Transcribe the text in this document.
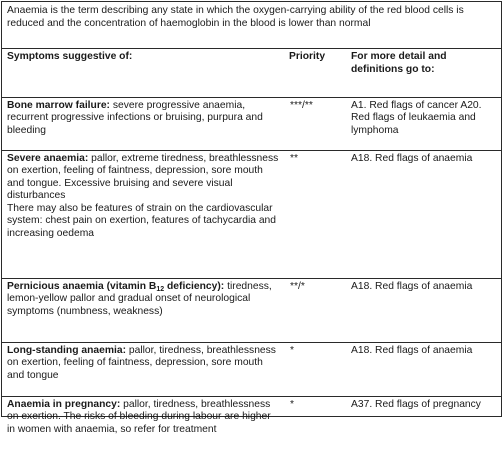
Anaemia is the term describing any state in which the oxygen-carrying ability of the red blood cells is reduced and the concentration of haemoglobin in the blood is lower than normal
Symptoms suggestive of:	Priority	For more detail and definitions go to:
Bone marrow failure: severe progressive anaemia, recurrent progressive infections or bruising, purpura and bleeding	***/**	A1. Red flags of cancer A20. Red flags of leukaemia and lymphoma
Severe anaemia: pallor, extreme tiredness, breathlessness on exertion, feeling of faintness, depression, sore mouth and tongue. Excessive bruising and severe visual disturbances
There may also be features of strain on the cardiovascular system: chest pain on exertion, features of tachycardia and increasing oedema	**	A18. Red flags of anaemia
Pernicious anaemia (vitamin $B_{12}$ deficiency): tiredness, lemon-yellow pallor and gradual onset of neurological symptoms (numbness, weakness)	**/*	A18. Red flags of anaemia
Long-standing anaemia: pallor, tiredness, breathlessness on exertion, feeling of faintness, depression, sore mouth and tongue	*	A18. Red flags of anaemia
Anaemia in pregnancy: pallor, tiredness, breathlessness on exertion. The risks of bleeding during labour are higher in women with anaemia, so refer for treatment	*	A37. Red flags of pregnancy
